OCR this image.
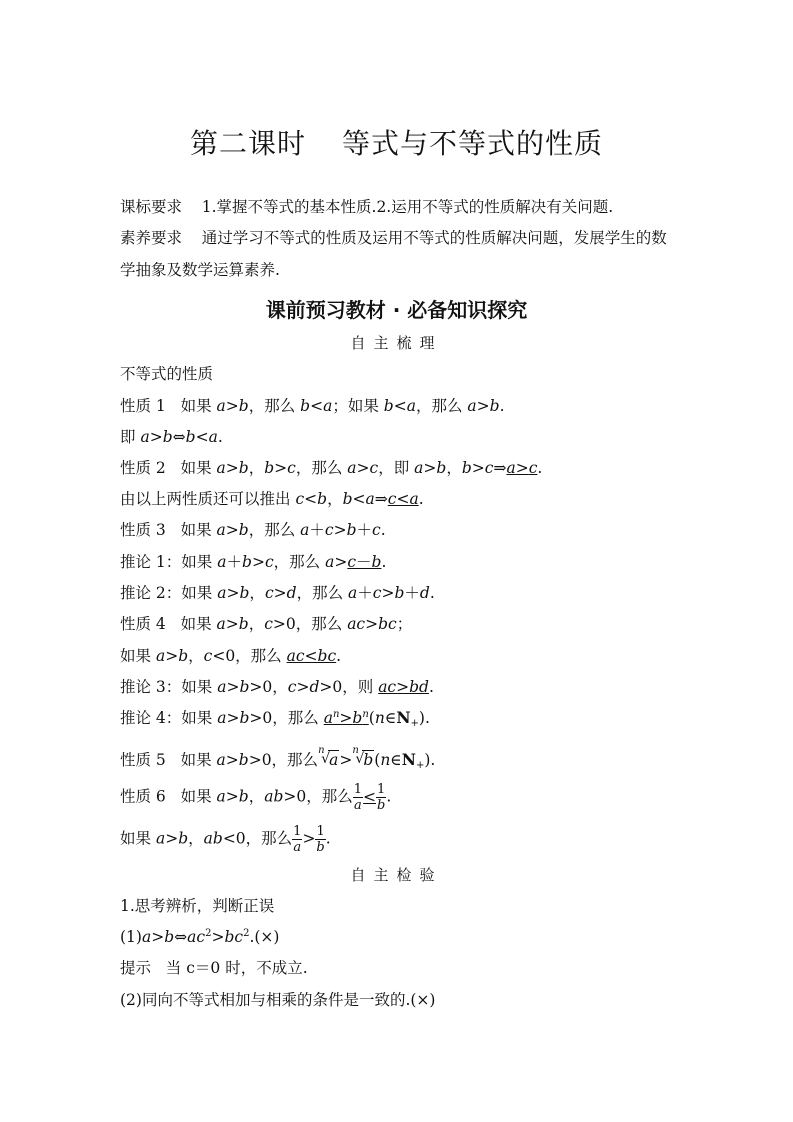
第二课时 等式与不等式的性质
课标要求 1.掌握不等式的基本性质.2.运用不等式的性质解决有关问题.
素养要求 通过学习不等式的性质及运用不等式的性质解决问题，发展学生的数学抽象及数学运算素养.
课前预习教材 · 必备知识探究
自主梳理
不等式的性质
性质 1   如果 a>b，那么 b<a；如果 b<a，那么 a>b.
即 a>b⇔b<a.
性质 2   如果 a>b，b>c，那么 a>c，即 a>b，b>c⇒a>c.
由以上两性质还可以推出 c<b，b<a⇒c<a.
性质 3   如果 a>b，那么 a＋c>b＋c.
推论 1：如果 a＋b>c，那么 a>c－b.
推论 2：如果 a>b，c>d，那么 a＋c>b＋d.
性质 4   如果 a>b，c>0，那么 ac>bc；
如果 a>b，c<0，那么 ac<bc.
推论 3：如果 a>b>0，c>d>0，则 ac>bd.
推论 4：如果 a>b>0，那么 $a^n>b^n(n\in N_+)$.
性质 5   如果 a>b>0，那么
n
√ a>
n
√ $b(n\in N_+)$.
性质 6   如果 a>b，ab>0，那么 $\frac{1}{a} < \frac{1}{b}$ .
如果 a>b，ab<0，那么 $\frac{1}{a} > \frac{1}{b}$ .
自主检验
1.思考辨析，判断正误
$(1)a>b\Leftrightarrow ac^2>bc^2.(\times)$
提示 当 c＝0 时，不成立.
(2)同向不等式相加与相乘的条件是一致的.(×)
